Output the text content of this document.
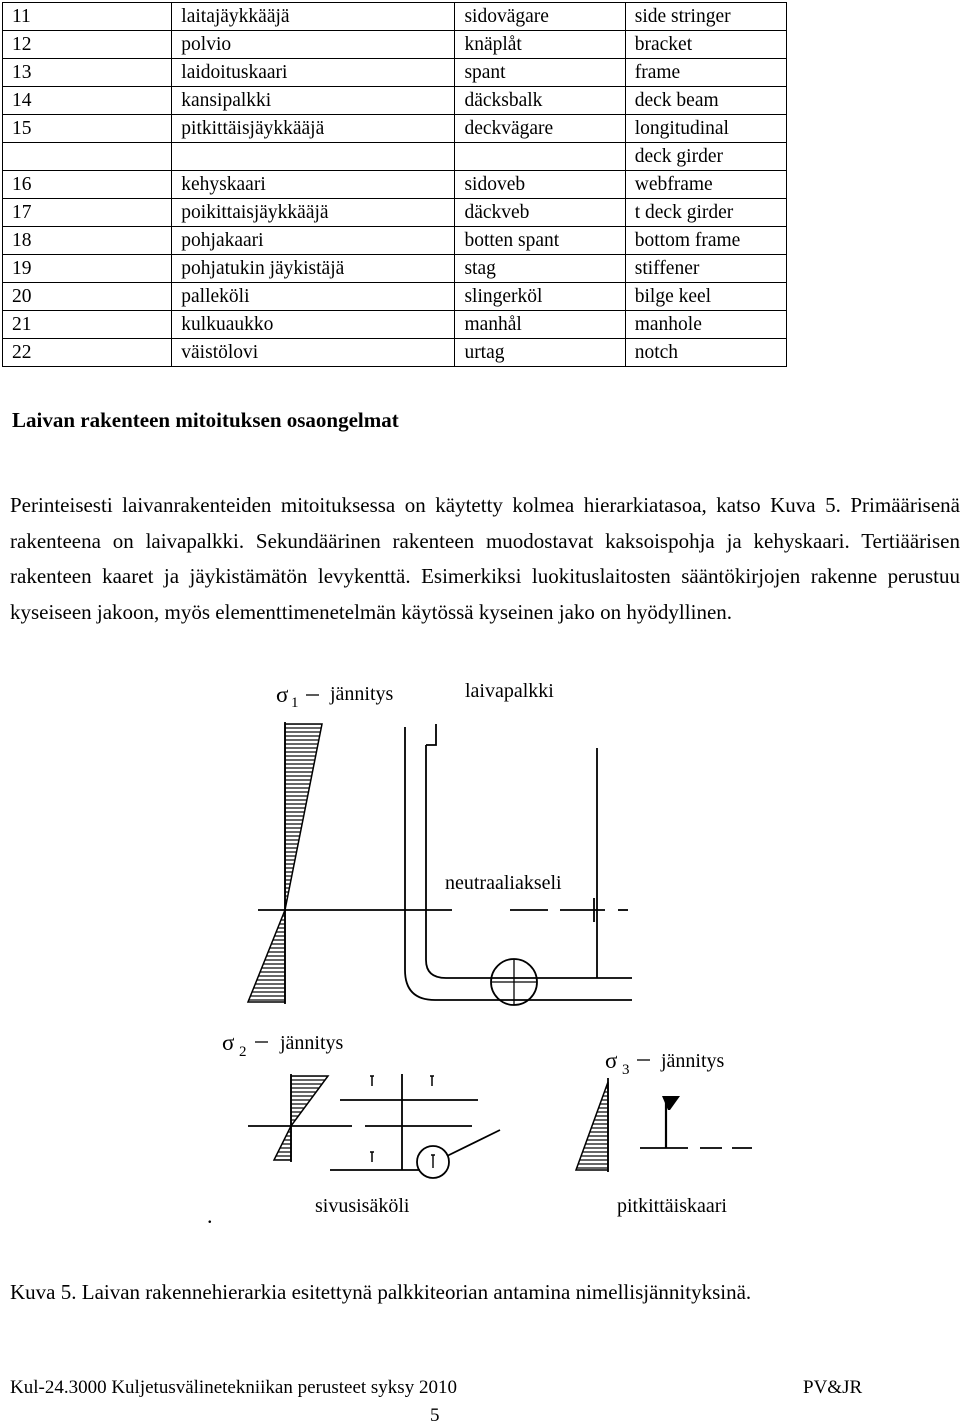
11	laitajäykkääjä	sidovägare	side stringer
12	polvio	knäplåt	bracket
13	laidoituskaari	spant	frame
14	kansipalkki	däcksbalk	deck beam
15	pitkittäisjäykkääjä	deckvägare	longitudinal
			deck girder
16	kehyskaari	sidoveb	webframe
17	poikittaisjäykkääjä	däckveb	t deck girder
18	pohjakaari	botten spant	bottom frame
19	pohjatukin jäykistäjä	stag	stiffener
20	palleköli	slingerköl	bilge keel
21	kulkuaukko	manhål	manhole
22	väistölovi	urtag	notch
Laivan rakenteen mitoituksen osaongelmat
Perinteisesti laivanrakenteiden mitoituksessa on käytetty kolmea hierarkiatasoa, katso Kuva 5. Primäärisenä rakenteena on laivapalkki. Sekundäärinen rakenteen muodostavat kaksoispohja ja kehyskaari. Tertiäärisen rakenteen kaaret ja jäykistämätön levykenttä. Esimerkiksi luokituslaitosten sääntökirjojen rakenne perustuu kyseiseen jakoon, myös elementtimenetelmän käytössä kyseinen jako on hyödyllinen.
σ 1 jännitys	laivapalkki
neutraaliakseli
σ 2 jännitys
σ 3 jännitys
.	sivusisäköli	pitkittäiskaari
Kuva 5. Laivan rakennehierarkia esitettynä palkkiteorian antamina nimellisjännityksinä.
Kul-24.3000 Kuljetusvälinetekniikan perusteet syksy 2010	PV&JR
5
